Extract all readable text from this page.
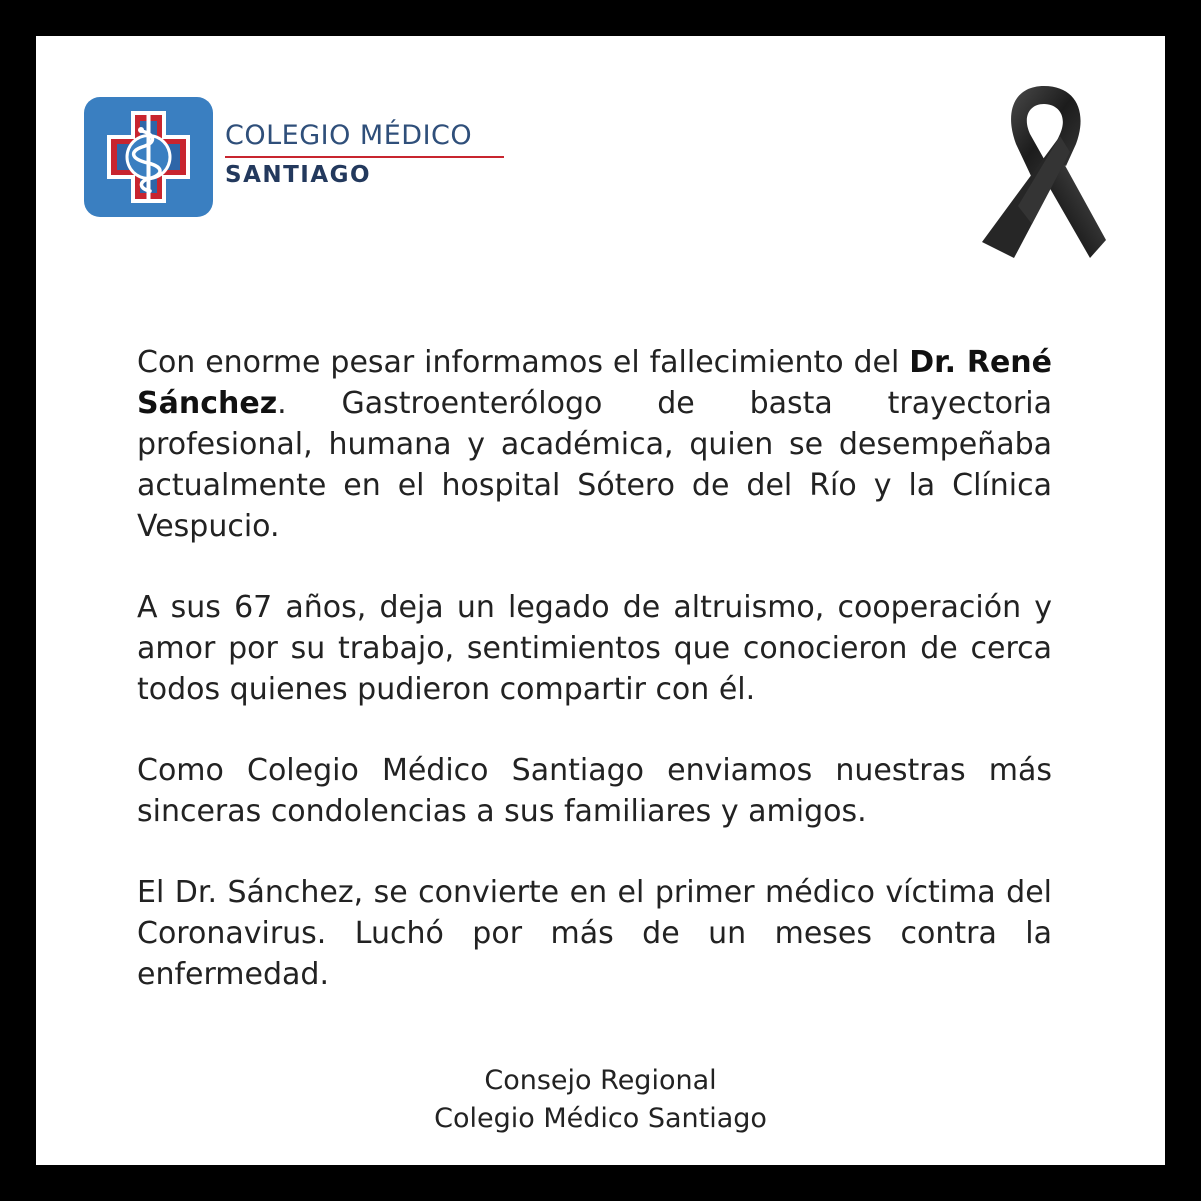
COLEGIO MÉDICO
SANTIAGO

Con enorme pesar informamos el fallecimiento del Dr. René Sánchez. Gastroenterólogo de basta trayectoria profesional, humana y académica, quien se desempeñaba actualmente en el hospital Sótero de del Río y la Clínica Vespucio.

A sus 67 años, deja un legado de altruismo, cooperación y amor por su trabajo, sentimientos que conocieron de cerca todos quienes pudieron compartir con él.

Como Colegio Médico Santiago enviamos nuestras más sinceras condolencias a sus familiares y amigos.

El Dr. Sánchez, se convierte en el primer médico víctima del Coronavirus. Luchó por más de un meses contra la enfermedad.

Consejo Regional
Colegio Médico Santiago
